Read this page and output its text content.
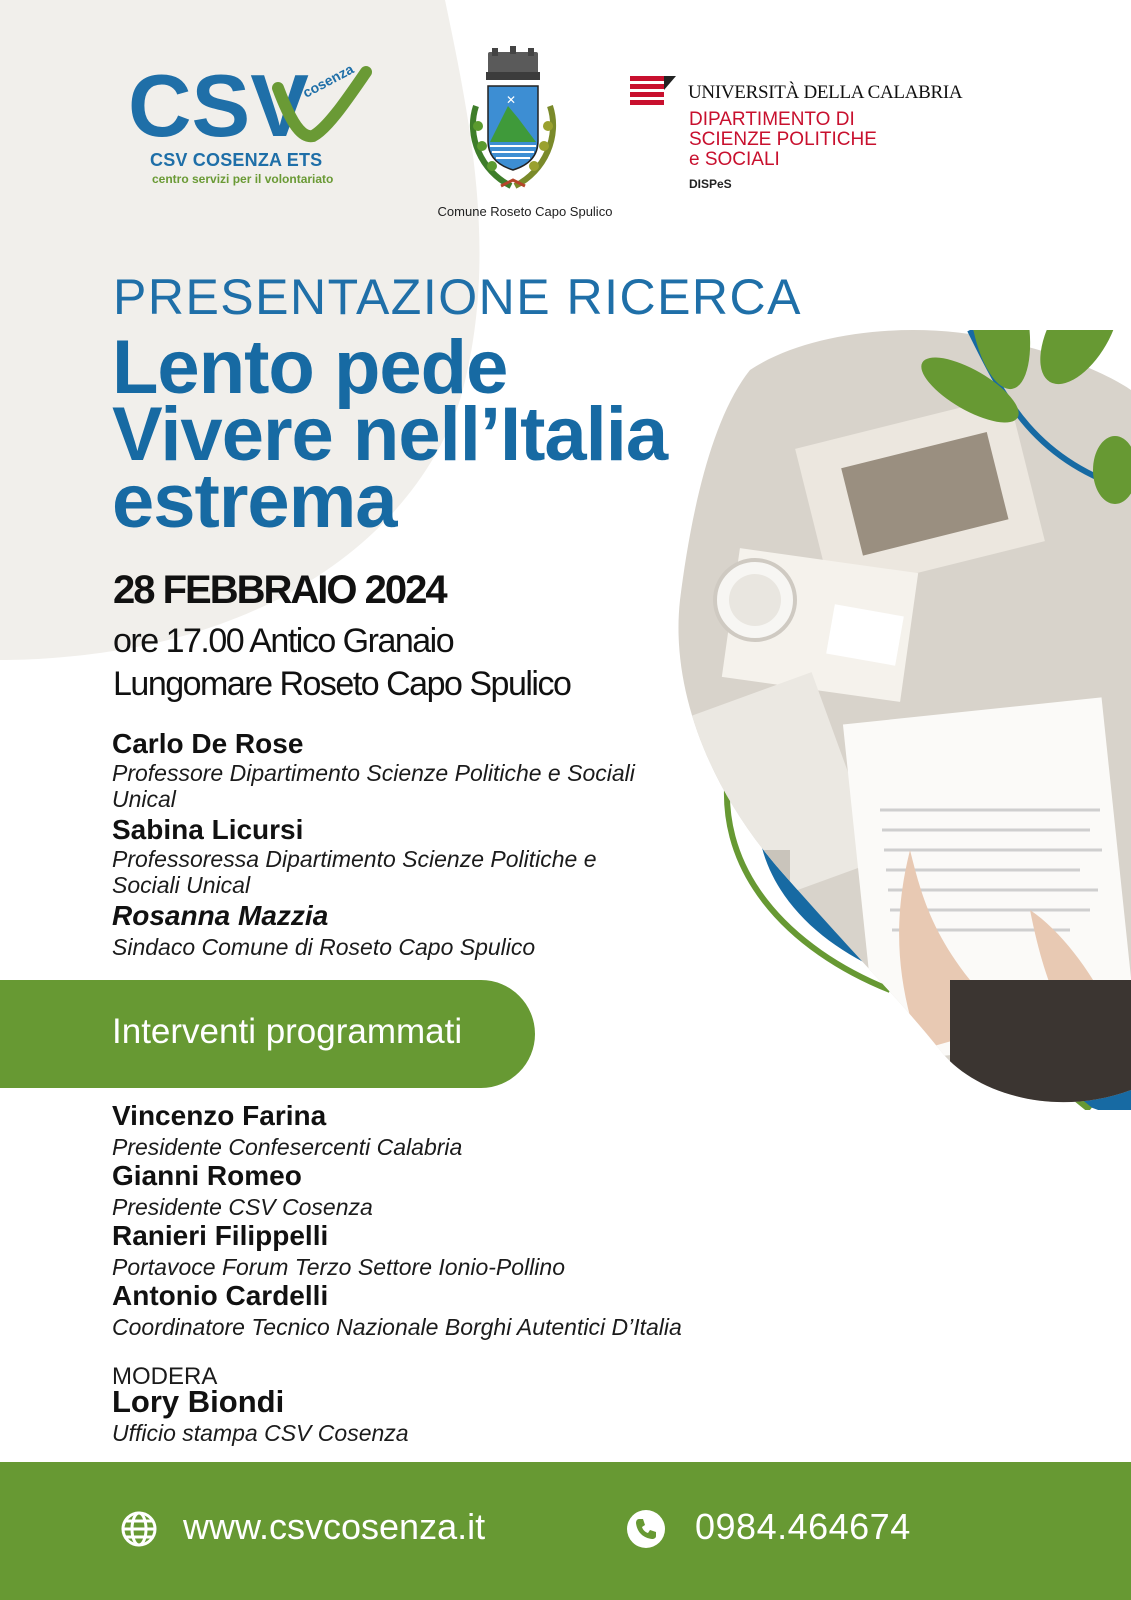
CSV
cosenza
CSV COSENZA ETS
centro servizi per il volontariato
✕
Comune Roseto Capo Spulico
UNIVERSITÀ DELLA CALABRIA
DIPARTIMENTO DI
SCIENZE POLITICHE
e SOCIALI
DISPeS
PRESENTAZIONE RICERCA
Lento pede
Vivere nell’Italia
estrema
28 FEBBRAIO 2024
ore 17.00 Antico Granaio
Lungomare Roseto Capo Spulico
Carlo De Rose
Professore Dipartimento Scienze Politiche e Sociali
Unical
Sabina Licursi
Professoressa Dipartimento Scienze Politiche e
Sociali Unical
Rosanna Mazzia
Sindaco Comune di Roseto Capo Spulico
Interventi programmati
Vincenzo Farina
Presidente Confesercenti Calabria
Gianni Romeo
Presidente CSV Cosenza
Ranieri Filippelli
Portavoce Forum Terzo Settore Ionio-Pollino
Antonio Cardelli
Coordinatore Tecnico Nazionale Borghi Autentici D’Italia
MODERA
Lory Biondi
Ufficio stampa CSV Cosenza
www.csvcosenza.it	0984.464674
